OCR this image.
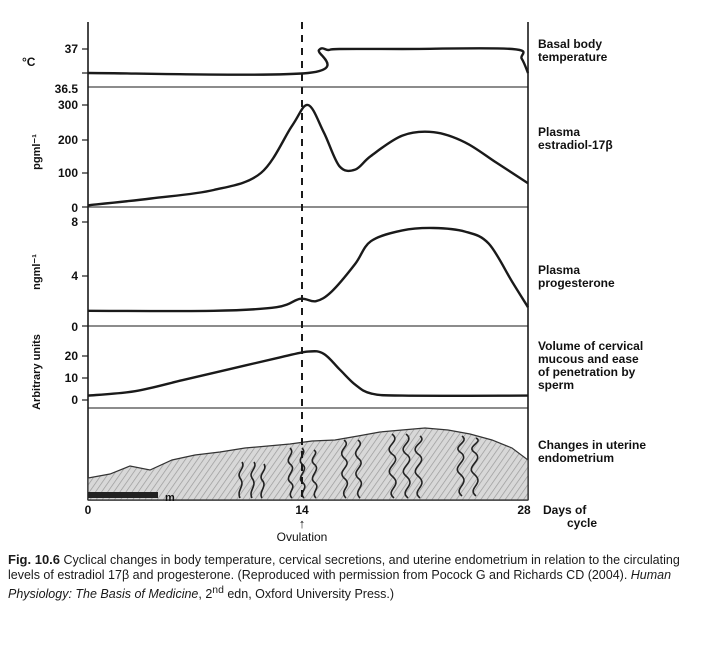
m
37
36.5
300
200
100
0
8
4
0
20
10
0
°C
pgml⁻¹
ngml⁻¹
Arbitrary units
Basal body
temperature
Plasma
estradiol-17β
Plasma
progesterone
Volume of cervical
mucous and ease
of penetration by
sperm
Changes in uterine
endometrium
0	14	28 Days of
cycle
↑
Ovulation
Fig. 10.6 Cyclical changes in body temperature, cervical secretions, and uterine endometrium in relation to the circulating levels of estradiol 17β and progesterone. (Reproduced with permission from Pocock G and Richards CD (2004). Human Physiology: The Basis of Medicine, 2nd edn, Oxford University Press.)
